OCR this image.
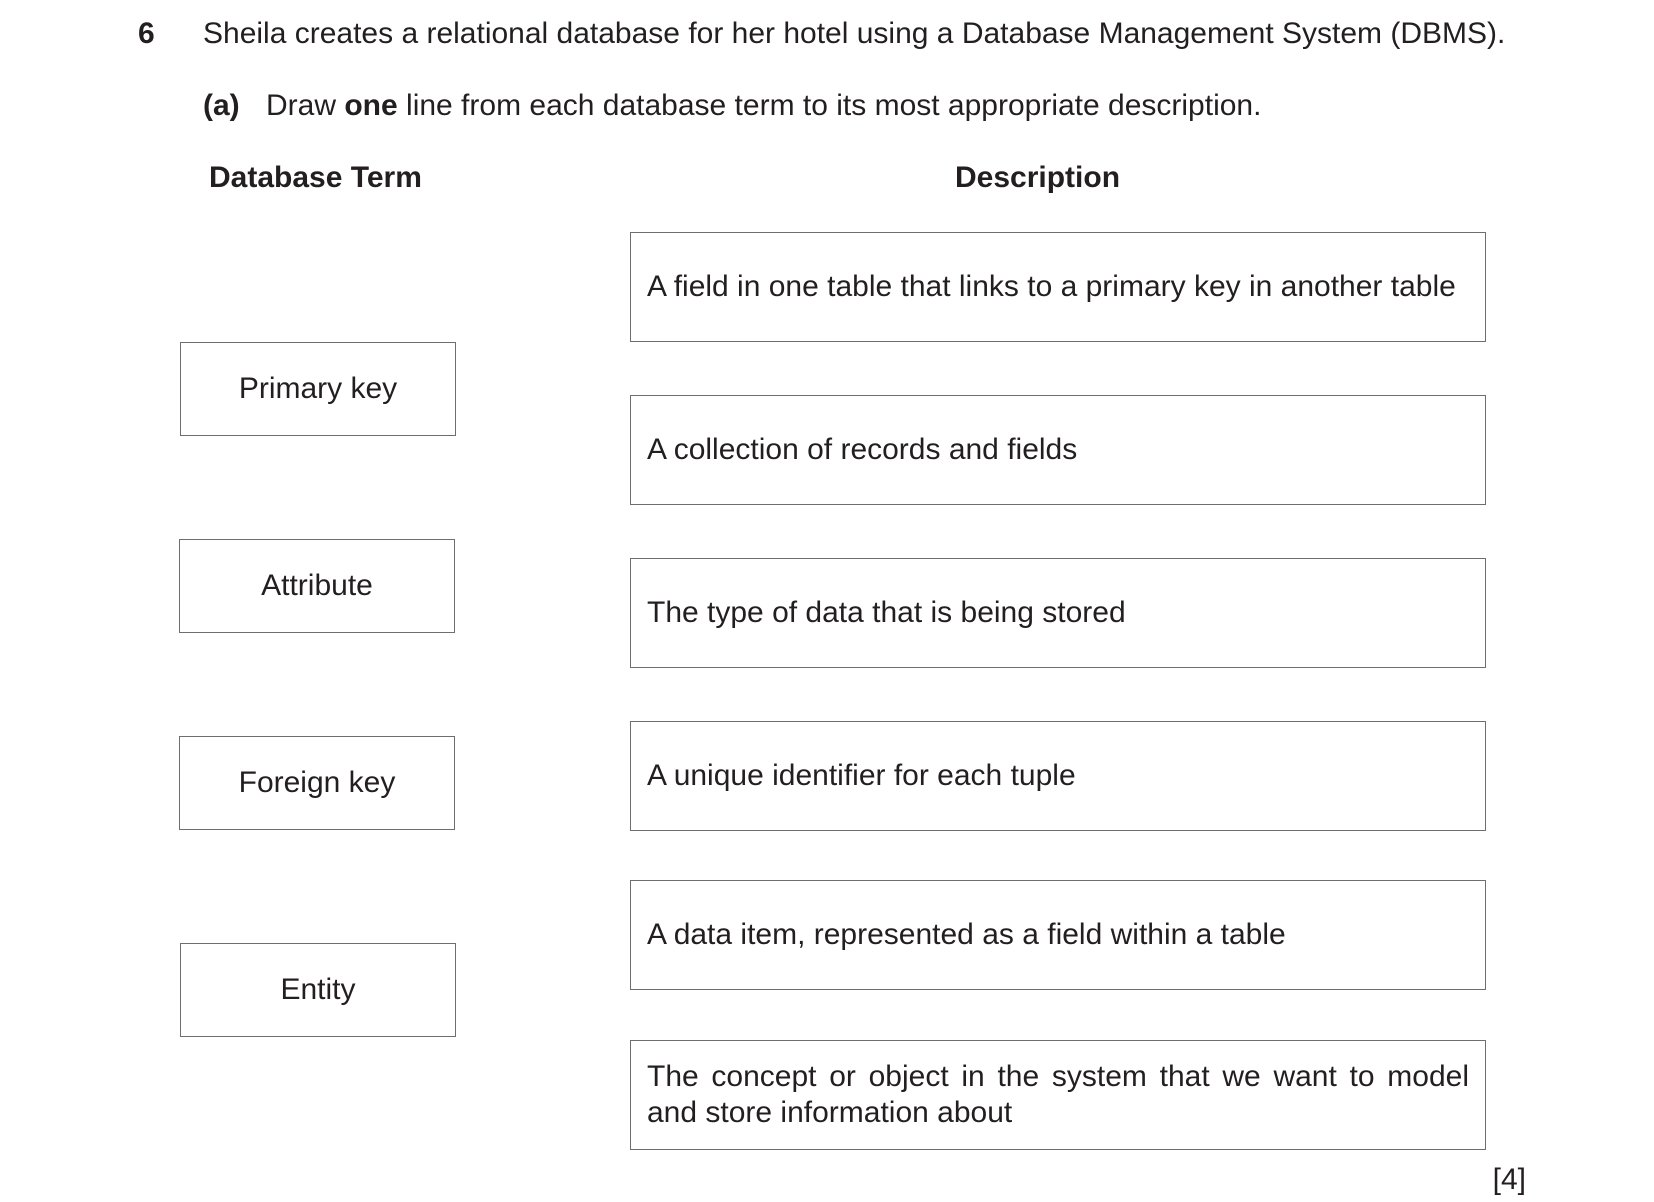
6 Sheila creates a relational database for her hotel using a Database Management System (DBMS).
(a) Draw one line from each database term to its most appropriate description.
Database Term	Description
Primary key
Attribute
Foreign key
Entity
A field in one table that links to a primary key in another table
A collection of records and fields
The type of data that is being stored
A unique identifier for each tuple
A data item, represented as a field within a table
The concept or object in the system that we want to model and store information about
[4]
